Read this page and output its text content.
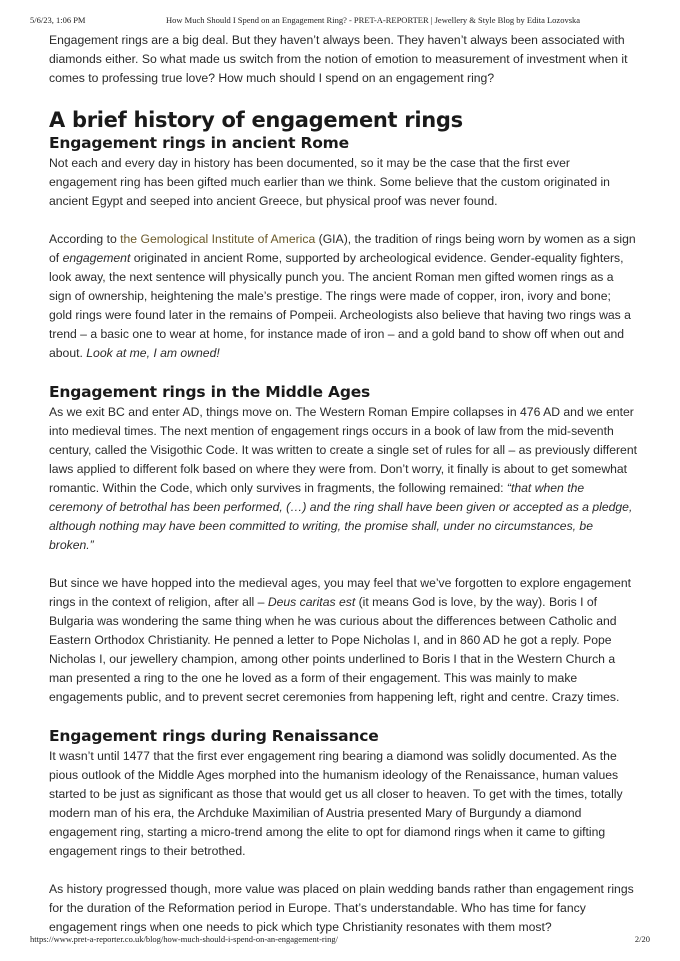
5/6/23, 1:06 PM	How Much Should I Spend on an Engagement Ring? - PRET-A-REPORTER | Jewellery & Style Blog by Edita Lozovska

Engagement rings are a big deal. But they haven’t always been. They haven’t always been associated with diamonds either. So what made us switch from the notion of emotion to measurement of investment when it comes to professing true love? How much should I spend on an engagement ring?

A brief history of engagement rings
Engagement rings in ancient Rome

Not each and every day in history has been documented, so it may be the case that the first ever engagement ring has been gifted much earlier than we think. Some believe that the custom originated in ancient Egypt and seeped into ancient Greece, but physical proof was never found.

According to the Gemological Institute of America (GIA), the tradition of rings being worn by women as a sign of engagement originated in ancient Rome, supported by archeological evidence. Gender-equality fighters, look away, the next sentence will physically punch you. The ancient Roman men gifted women rings as a sign of ownership, heightening the male’s prestige. The rings were made of copper, iron, ivory and bone; gold rings were found later in the remains of Pompeii. Archeologists also believe that having two rings was a trend – a basic one to wear at home, for instance made of iron – and a gold band to show off when out and about. Look at me, I am owned!

Engagement rings in the Middle Ages

As we exit BC and enter AD, things move on. The Western Roman Empire collapses in 476 AD and we enter into medieval times. The next mention of engagement rings occurs in a book of law from the mid-seventh century, called the Visigothic Code. It was written to create a single set of rules for all – as previously different laws applied to different folk based on where they were from. Don’t worry, it finally is about to get somewhat romantic. Within the Code, which only survives in fragments, the following remained: “that when the ceremony of betrothal has been performed, (…) and the ring shall have been given or accepted as a pledge, although nothing may have been committed to writing, the promise shall, under no circumstances, be broken.”

But since we have hopped into the medieval ages, you may feel that we’ve forgotten to explore engagement rings in the context of religion, after all – Deus caritas est (it means God is love, by the way). Boris I of Bulgaria was wondering the same thing when he was curious about the differences between Catholic and Eastern Orthodox Christianity. He penned a letter to Pope Nicholas I, and in 860 AD he got a reply. Pope Nicholas I, our jewellery champion, among other points underlined to Boris I that in the Western Church a man presented a ring to the one he loved as a form of their engagement. This was mainly to make engagements public, and to prevent secret ceremonies from happening left, right and centre. Crazy times.

Engagement rings during Renaissance

It wasn’t until 1477 that the first ever engagement ring bearing a diamond was solidly documented. As the pious outlook of the Middle Ages morphed into the humanism ideology of the Renaissance, human values started to be just as significant as those that would get us all closer to heaven. To get with the times, totally modern man of his era, the Archduke Maximilian of Austria presented Mary of Burgundy a diamond engagement ring, starting a micro-trend among the elite to opt for diamond rings when it came to gifting engagement rings to their betrothed.

As history progressed though, more value was placed on plain wedding bands rather than engagement rings for the duration of the Reformation period in Europe. That’s understandable. Who has time for fancy engagement rings when one needs to pick which type Christianity resonates with them most?

https://www.pret-a-reporter.co.uk/blog/how-much-should-i-spend-on-an-engagement-ring/	2/20
